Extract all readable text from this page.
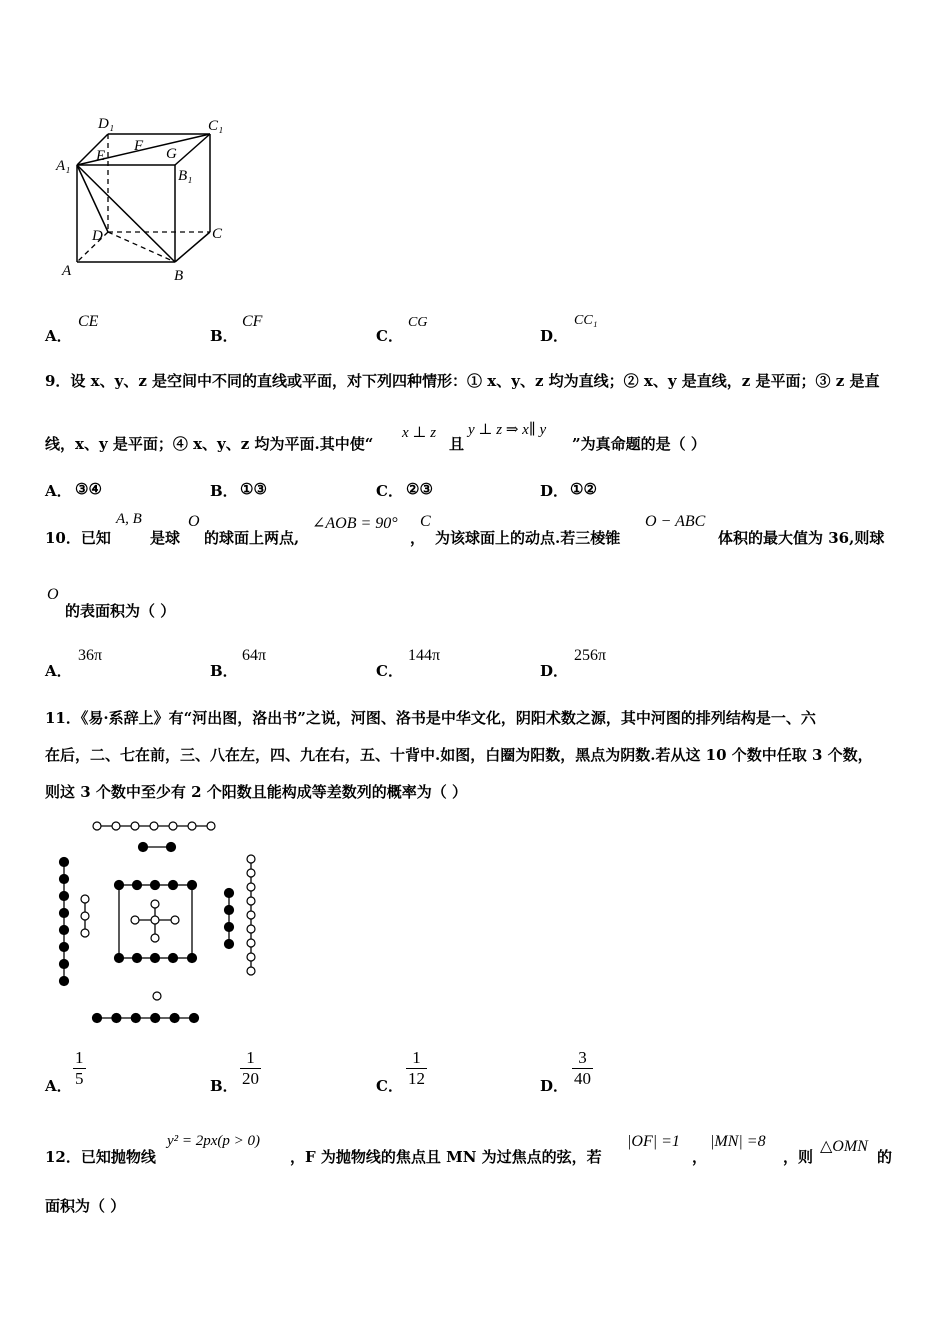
D₁	C₁
A₁
B₁
E
F G
D	C
A	B
A．
CE
B．
CF
C．
CG
D．
CC₁
9．设 x、y、z 是空间中不同的直线或平面，对下列四种情形：① x、y、z 均为直线；② x、y 是直线，z 是平面；③ z 是直
线，x、y 是平面；④ x、y、z 均为平面.其中使“
x ⊥ z
且
y ⊥ z ⇒ x∥ y
”为真命题的是（ ）
A． ③④	B． ①③	C． ②③	D． ①②
10．已知
A, B
是球
O
的球面上两点,
∠AOB = 90° C
， 为该球面上的动点.若三棱锥
O − ABC
体积的最大值为 36,则球
O
的表面积为（ ）
A．
36π
B．
64π
C．
144π
D．
256π
11．《易·系辞上》有“河出图，洛出书”之说，河图、洛书是中华文化，阴阳术数之源，其中河图的排列结构是一、六
在后，二、七在前，三、八在左，四、九在右，五、十背中.如图，白圈为阳数，黑点为阴数.若从这 10 个数中任取 3 个数，
则这 3 个数中至少有 2 个阳数且能构成等差数列的概率为（ ）
A． $\frac{1}{5}$	B． $\frac{1}{20}$	C． $\frac{1}{12}$	D． $\frac{3}{40}$
12．已知抛物线
y² = 2px(p > 0)
，F 为抛物线的焦点且 MN 为过焦点的弦，若
|OF| =1
，
|MN| =8
，则
△OMN
的
面积为（ ）
